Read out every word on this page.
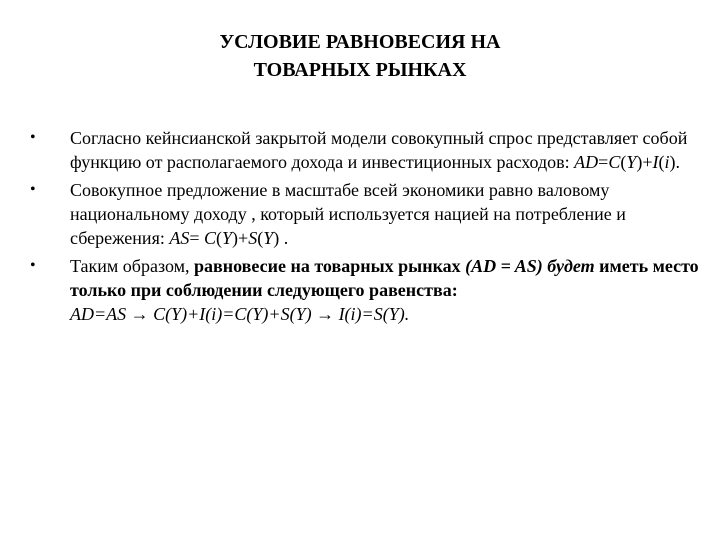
УСЛОВИЕ РАВНОВЕСИЯ НА
ТОВАРНЫХ РЫНКАХ
• Согласно кейнсианской закрытой модели совокупный спрос представляет собой функцию от располагаемого дохода и инвестиционных расходов: AD=C(Y)+I(i).
• Совокупное предложение в масштабе всей экономики равно валовому национальному доходу , который используется нацией на потребление и сбережения: AS= C(Y)+S(Y) .
• Таким образом, равновесие на товарных рынках (AD = AS) будет иметь место только при соблюдении следующего равенства:
AD=AS → C(Y)+I(i)=C(Y)+S(Y) → I(i)=S(Y).
